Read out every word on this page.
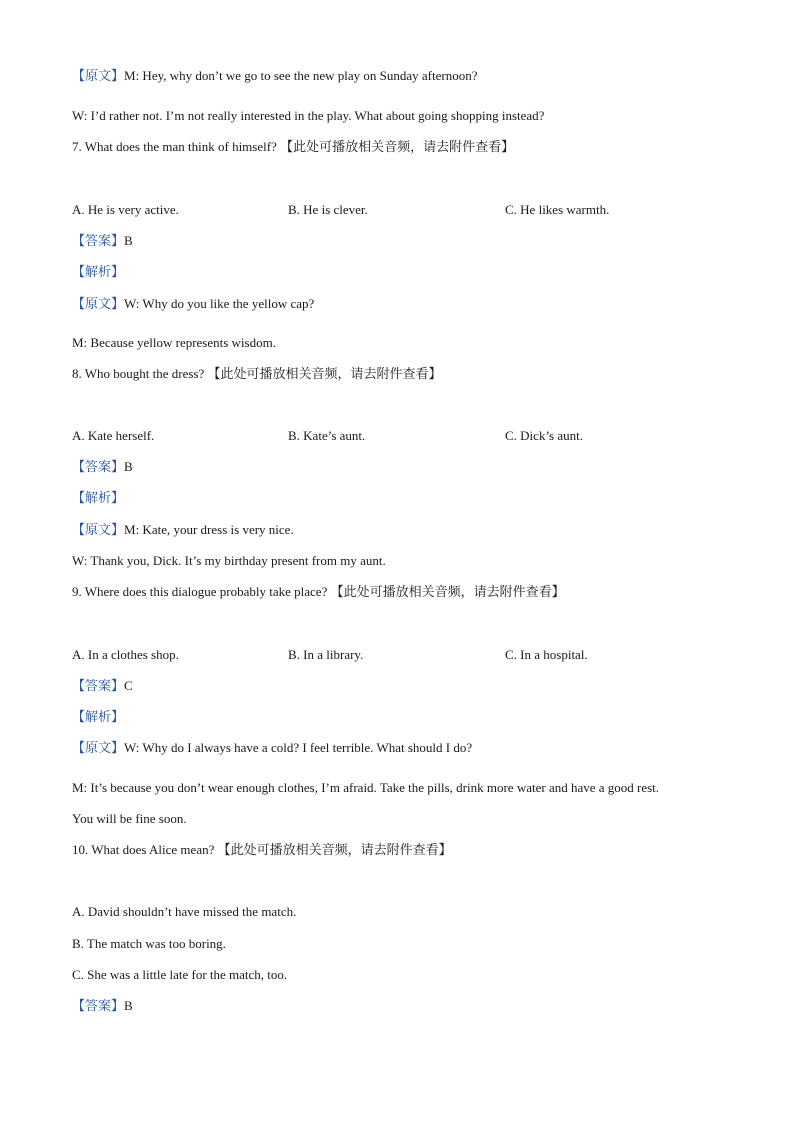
【原文】M: Hey, why don’t we go to see the new play on Sunday afternoon?
W: I’d rather not. I’m not really interested in the play. What about going shopping instead?
7. What does the man think of himself? 【此处可播放相关音频，请去附件查看】
A. He is very active.	B. He is clever.	C. He likes warmth.
【答案】B
【解析】
【原文】W: Why do you like the yellow cap?
M: Because yellow represents wisdom.
8. Who bought the dress? 【此处可播放相关音频，请去附件查看】
A. Kate herself.	B. Kate’s aunt.	C. Dick’s aunt.
【答案】B
【解析】
【原文】M: Kate, your dress is very nice.
W: Thank you, Dick. It’s my birthday present from my aunt.
9. Where does this dialogue probably take place? 【此处可播放相关音频，请去附件查看】
A. In a clothes shop.	B. In a library.	C. In a hospital.
【答案】C
【解析】
【原文】W: Why do I always have a cold? I feel terrible. What should I do?
M: It’s because you don’t wear enough clothes, I’m afraid. Take the pills, drink more water and have a good rest.
You will be fine soon.
10. What does Alice mean? 【此处可播放相关音频，请去附件查看】
A. David shouldn’t have missed the match.
B. The match was too boring.
C. She was a little late for the match, too.
【答案】B
